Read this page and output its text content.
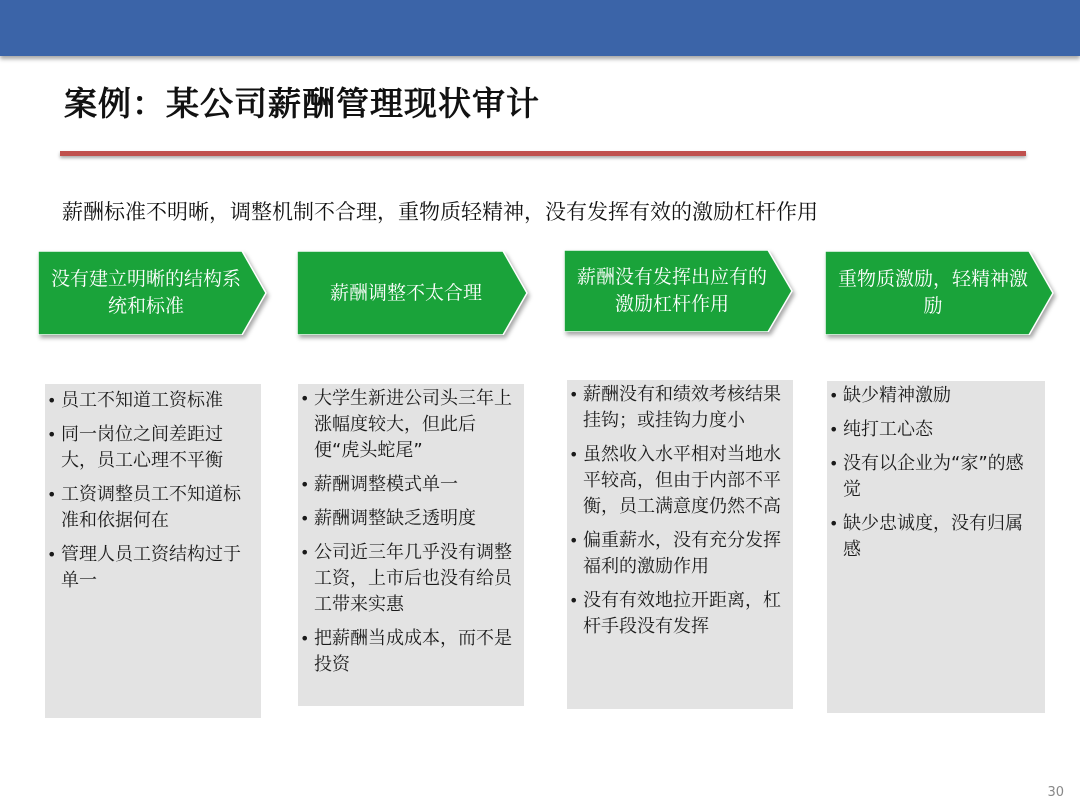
案例：某公司薪酬管理现状审计
薪酬标准不明晰，调整机制不合理，重物质轻精神，没有发挥有效的激励杠杆作用
没有建立明晰的结构系统和标准
• 员工不知道工资标准
• 同一岗位之间差距过大，员工心理不平衡
• 工资调整员工不知道标准和依据何在
• 管理人员工资结构过于单一
薪酬调整不太合理
• 大学生新进公司头三年上涨幅度较大，但此后便“虎头蛇尾”
• 薪酬调整模式单一
• 薪酬调整缺乏透明度
• 公司近三年几乎没有调整工资，上市后也没有给员工带来实惠
• 把薪酬当成成本，而不是投资
薪酬没有发挥出应有的激励杠杆作用
• 薪酬没有和绩效考核结果挂钩；或挂钩力度小
• 虽然收入水平相对当地水平较高，但由于内部不平衡，员工满意度仍然不高
• 偏重薪水，没有充分发挥福利的激励作用
• 没有有效地拉开距离，杠杆手段没有发挥
重物质激励，轻精神激励
• 缺少精神激励
• 纯打工心态
• 没有以企业为“家”的感觉
• 缺少忠诚度，没有归属感
30
